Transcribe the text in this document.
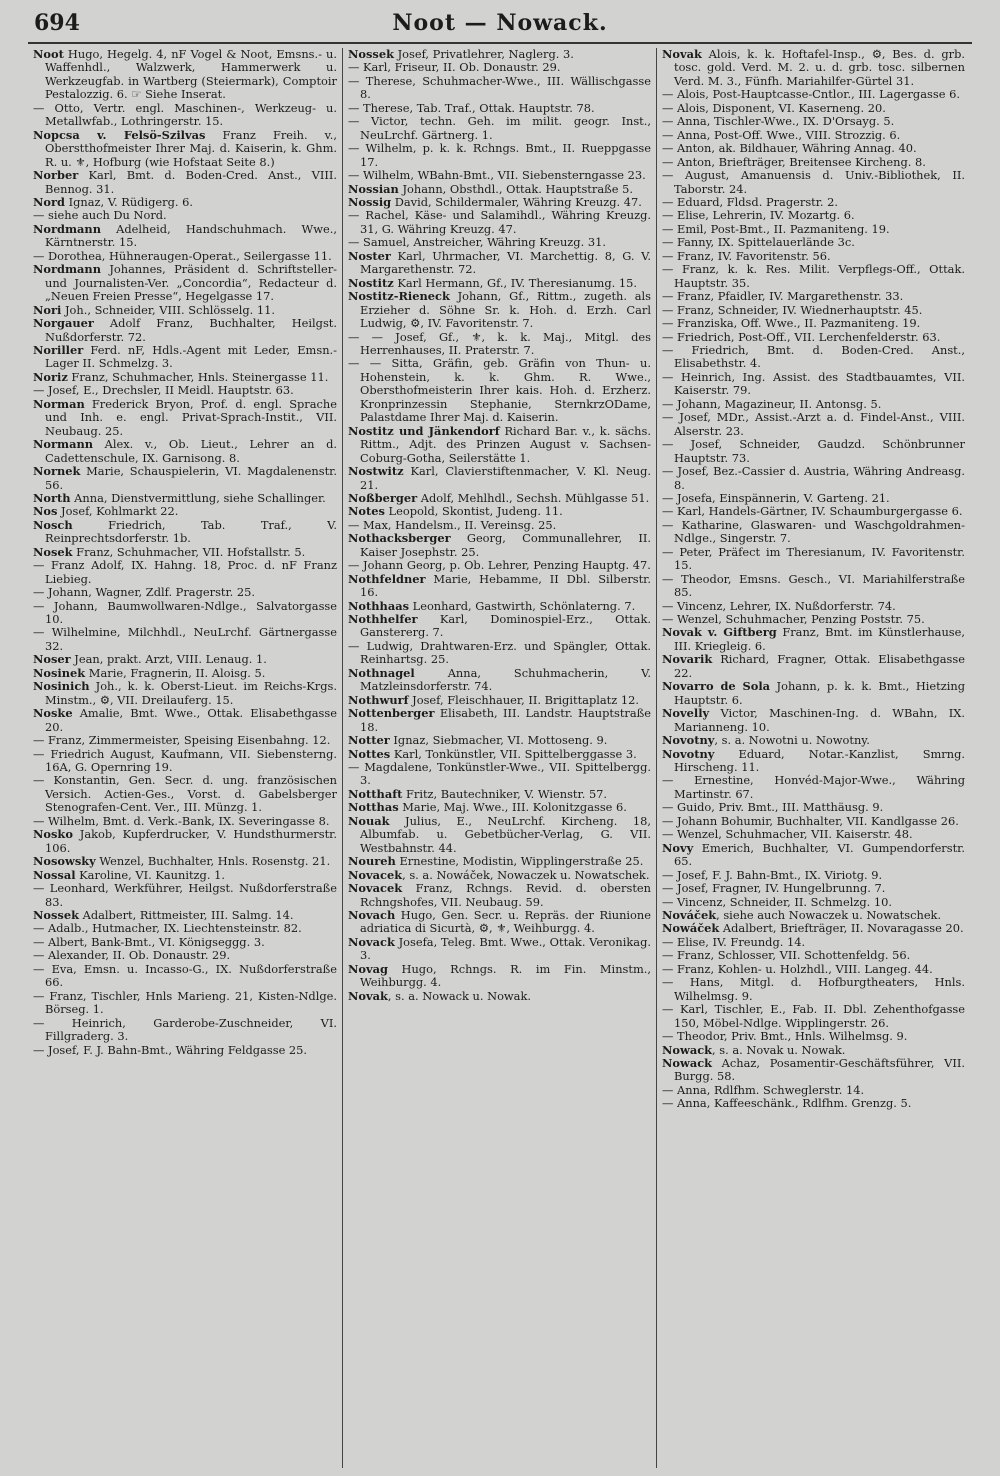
694	Noot — Nowack.

Noot Hugo, Hegelg. 4, nF Vogel & Noot, Emsns.- u. Waffenhdl., Walzwerk, Hammerwerk u. Werkzeugfab. in Wartberg (Steiermark), Comptoir Pestalozzig. 6. ☞ Siehe Inserat.

— Otto, Vertr. engl. Maschinen-, Werkzeug- u. Metallwfab., Lothringerstr. 15.

Nopcsa v. Felsö-Szilvas Franz Freih. v., Oberstthofmeister Ihrer Maj. d. Kaiserin, k. Ghm. R. u. ⚜, Hofburg (wie Hofstaat Seite 8.)

Norber Karl, Bmt. d. Boden-Cred. Anst., VIII. Bennog. 31.

Nord Ignaz, V. Rüdigerg. 6.

— siehe auch Du Nord.

Nordmann Adelheid, Handschuhmach. Wwe., Kärntnerstr. 15.

— Dorothea, Hühneraugen-Operat., Seilergasse 11.

Nordmann Johannes, Präsident d. Schriftsteller- und Journalisten-Ver. „Concordia“, Redacteur d. „Neuen Freien Presse“, Hegelgasse 17.

Nori Joh., Schneider, VIII. Schlösselg. 11.

Norgauer Adolf Franz, Buchhalter, Heilgst. Nußdorferstr. 72.

Noriller Ferd. nF, Hdls.-Agent mit Leder, Emsn.-Lager II. Schmelzg. 3.

Noriz Franz, Schuhmacher, Hnls. Steinergasse 11.

— Josef, E., Drechsler, II Meidl. Hauptstr. 63.

Norman Frederick Bryon, Prof. d. engl. Sprache und Inh. e. engl. Privat-Sprach-Instit., VII. Neubaug. 25.

Normann Alex. v., Ob. Lieut., Lehrer an d. Cadettenschule, IX. Garnisong. 8.

Nornek Marie, Schauspielerin, VI. Magdalenenstr. 56.

North Anna, Dienstvermittlung, siehe Schallinger.

Nos Josef, Kohlmarkt 22.

Nosch Friedrich, Tab. Traf., V. Reinprechtsdorferstr. 1b.

Nosek Franz, Schuhmacher, VII. Hofstallstr. 5.

— Franz Adolf, IX. Hahng. 18, Proc. d. nF Franz Liebieg.

— Johann, Wagner, Zdlf. Pragerstr. 25.

— Johann, Baumwollwaren-Ndlge., Salvatorgasse 10.

— Wilhelmine, Milchhdl., NeuLrchf. Gärtnergasse 32.

Noser Jean, prakt. Arzt, VIII. Lenaug. 1.

Nosinek Marie, Fragnerin, II. Aloisg. 5.

Nosinich Joh., k. k. Oberst-Lieut. im Reichs-Krgs. Minstm., ⚙, VII. Dreilauferg. 15.

Noske Amalie, Bmt. Wwe., Ottak. Elisabethgasse 20.

— Franz, Zimmermeister, Speising Eisenbahng. 12.

— Friedrich August, Kaufmann, VII. Siebensterng. 16A, G. Opernring 19.

— Konstantin, Gen. Secr. d. ung. französischen Versich. Actien-Ges., Vorst. d. Gabelsberger Stenografen-Cent. Ver., III. Münzg. 1.

— Wilhelm, Bmt. d. Verk.-Bank, IX. Severingasse 8.

Nosko Jakob, Kupferdrucker, V. Hundsthurmerstr. 106.

Nosowsky Wenzel, Buchhalter, Hnls. Rosenstg. 21.

Nossal Karoline, VI. Kaunitzg. 1.

— Leonhard, Werkführer, Heilgst. Nußdorferstraße 83.

Nossek Adalbert, Rittmeister, III. Salmg. 14.

— Adalb., Hutmacher, IX. Liechtensteinstr. 82.

— Albert, Bank-Bmt., VI. Königseggg. 3.

— Alexander, II. Ob. Donaustr. 29.

— Eva, Emsn. u. Incasso-G., IX. Nußdorferstraße 66.

— Franz, Tischler, Hnls Marieng. 21, Kisten-Ndlge. Börseg. 1.

— Heinrich, Garderobe-Zuschneider, VI. Fillgraderg. 3.

— Josef, F. J. Bahn-Bmt., Währing Feldgasse 25.

Nossek Josef, Privatlehrer, Naglerg. 3.

— Karl, Friseur, II. Ob. Donaustr. 29.

— Therese, Schuhmacher-Wwe., III. Wällischgasse 8.

— Therese, Tab. Traf., Ottak. Hauptstr. 78.

— Victor, techn. Geh. im milit. geogr. Inst., NeuLrchf. Gärtnerg. 1.

— Wilhelm, p. k. k. Rchngs. Bmt., II. Rueppgasse 17.

— Wilhelm, WBahn-Bmt., VII. Siebensterngasse 23.

Nossian Johann, Obsthdl., Ottak. Hauptstraße 5.

Nossig David, Schildermaler, Währing Kreuzg. 47.

— Rachel, Käse- und Salamihdl., Währing Kreuzg. 31, G. Währing Kreuzg. 47.

— Samuel, Anstreicher, Währing Kreuzg. 31.

Noster Karl, Uhrmacher, VI. Marchettig. 8, G. V. Margarethenstr. 72.

Nostitz Karl Hermann, Gf., IV. Theresianumg. 15.

Nostitz-Rieneck Johann, Gf., Rittm., zugeth. als Erzieher d. Söhne Sr. k. Hoh. d. Erzh. Carl Ludwig, ⚙, IV. Favoritenstr. 7.

— — Josef, Gf., ⚜, k. k. Maj., Mitgl. des Herrenhauses, II. Praterstr. 7.

— — Sitta, Gräfin, geb. Gräfin von Thun- u. Hohenstein, k. k. Ghm. R. Wwe., Obersthofmeisterin Ihrer kais. Hoh. d. Erzherz. Kronprinzessin Stephanie, SternkrzODame, Palastdame Ihrer Maj. d. Kaiserin.

Nostitz und Jänkendorf Richard Bar. v., k. sächs. Rittm., Adjt. des Prinzen August v. Sachsen-Coburg-Gotha, Seilerstätte 1.

Nostwitz Karl, Clavierstiftenmacher, V. Kl. Neug. 21.

Noßberger Adolf, Mehlhdl., Sechsh. Mühlgasse 51.

Notes Leopold, Skontist, Judeng. 11.

— Max, Handelsm., II. Vereinsg. 25.

Nothacksberger Georg, Communallehrer, II. Kaiser Josephstr. 25.

— Johann Georg, p. Ob. Lehrer, Penzing Hauptg. 47.

Nothfeldner Marie, Hebamme, II Dbl. Silberstr. 16.

Nothhaas Leonhard, Gastwirth, Schönlaterng. 7.

Nothhelfer Karl, Dominospiel-Erz., Ottak. Ganstererg. 7.

— Ludwig, Drahtwaren-Erz. und Spängler, Ottak. Reinhartsg. 25.

Nothnagel Anna, Schuhmacherin, V. Matzleinsdorferstr. 74.

Nothwurf Josef, Fleischhauer, II. Brigittaplatz 12.

Nottenberger Elisabeth, III. Landstr. Hauptstraße 18.

Notter Ignaz, Siebmacher, VI. Mottoseng. 9.

Nottes Karl, Tonkünstler, VII. Spittelberggasse 3.

— Magdalene, Tonkünstler-Wwe., VII. Spittelbergg. 3.

Notthaft Fritz, Bautechniker, V. Wienstr. 57.

Notthas Marie, Maj. Wwe., III. Kolonitzgasse 6.

Nouak Julius, E., NeuLrchf. Kircheng. 18, Albumfab. u. Gebetbücher-Verlag, G. VII. Westbahnstr. 44.

Noureh Ernestine, Modistin, Wipplingerstraße 25.

Novacek, s. a. Nowáček, Nowaczek u. Nowatschek.

Novacek Franz, Rchngs. Revid. d. obersten Rchngshofes, VII. Neubaug. 59.

Novach Hugo, Gen. Secr. u. Repräs. der Riunione adriatica di Sicurtà, ⚙, ⚜, Weihburgg. 4.

Novack Josefa, Teleg. Bmt. Wwe., Ottak. Veronikag. 3.

Novag Hugo, Rchngs. R. im Fin. Minstm., Weihburgg. 4.

Novak, s. a. Nowack u. Nowak.

Novak Alois, k. k. Hoftafel-Insp., ⚙, Bes. d. grb. tosc. gold. Verd. M. 2. u. d. grb. tosc. silbernen Verd. M. 3., Fünfh. Mariahilfer-Gürtel 31.

— Alois, Post-Hauptcasse-Cntlor., III. Lagergasse 6.

— Alois, Disponent, VI. Kaserneng. 20.

— Anna, Tischler-Wwe., IX. D'Orsayg. 5.

— Anna, Post-Off. Wwe., VIII. Strozzig. 6.

— Anton, ak. Bildhauer, Währing Annag. 40.

— Anton, Briefträger, Breitensee Kircheng. 8.

— August, Amanuensis d. Univ.-Bibliothek, II. Taborstr. 24.

— Eduard, Fldsd. Pragerstr. 2.

— Elise, Lehrerin, IV. Mozartg. 6.

— Emil, Post-Bmt., II. Pazmaniteng. 19.

— Fanny, IX. Spittelauerlände 3c.

— Franz, IV. Favoritenstr. 56.

— Franz, k. k. Res. Milit. Verpflegs-Off., Ottak. Hauptstr. 35.

— Franz, Pfaidler, IV. Margarethenstr. 33.

— Franz, Schneider, IV. Wiednerhauptstr. 45.

— Franziska, Off. Wwe., II. Pazmaniteng. 19.

— Friedrich, Post-Off., VII. Lerchenfelderstr. 63.

— Friedrich, Bmt. d. Boden-Cred. Anst., Elisabethstr. 4.

— Heinrich, Ing. Assist. des Stadtbauamtes, VII. Kaiserstr. 79.

— Johann, Magazineur, II. Antonsg. 5.

— Josef, MDr., Assist.-Arzt a. d. Findel-Anst., VIII. Alserstr. 23.

— Josef, Schneider, Gaudzd. Schönbrunner Hauptstr. 73.

— Josef, Bez.-Cassier d. Austria, Währing Andreasg. 8.

— Josefa, Einspännerin, V. Garteng. 21.

— Karl, Handels-Gärtner, IV. Schaumburgergasse 6.

— Katharine, Glaswaren- und Waschgoldrahmen-Ndlge., Singerstr. 7.

— Peter, Präfect im Theresianum, IV. Favoritenstr. 15.

— Theodor, Emsns. Gesch., VI. Mariahilferstraße 85.

— Vincenz, Lehrer, IX. Nußdorferstr. 74.

— Wenzel, Schuhmacher, Penzing Poststr. 75.

Novak v. Giftberg Franz, Bmt. im Künstlerhause, III. Kriegleig. 6.

Novarik Richard, Fragner, Ottak. Elisabethgasse 22.

Novarro de Sola Johann, p. k. k. Bmt., Hietzing Hauptstr. 6.

Novelly Victor, Maschinen-Ing. d. WBahn, IX. Marianneng. 10.

Novotny, s. a. Nowotni u. Nowotny.

Novotny Eduard, Notar.-Kanzlist, Smrng. Hirscheng. 11.

— Ernestine, Honvéd-Major-Wwe., Währing Martinstr. 67.

— Guido, Priv. Bmt., III. Matthäusg. 9.

— Johann Bohumir, Buchhalter, VII. Kandlgasse 26.

— Wenzel, Schuhmacher, VII. Kaiserstr. 48.

Novy Emerich, Buchhalter, VI. Gumpendorferstr. 65.

— Josef, F. J. Bahn-Bmt., IX. Viriotg. 9.

— Josef, Fragner, IV. Hungelbrunng. 7.

— Vincenz, Schneider, II. Schmelzg. 10.

Nováček, siehe auch Nowaczek u. Nowatschek.

Nowáček Adalbert, Briefträger, II. Novaragasse 20.

— Elise, IV. Freundg. 14.

— Franz, Schlosser, VII. Schottenfeldg. 56.

— Franz, Kohlen- u. Holzhdl., VIII. Langeg. 44.

— Hans, Mitgl. d. Hofburgtheaters, Hnls. Wilhelmsg. 9.

— Karl, Tischler, E., Fab. II. Dbl. Zehenthofgasse 150, Möbel-Ndlge. Wipplingerstr. 26.

— Theodor, Priv. Bmt., Hnls. Wilhelmsg. 9.

Nowack, s. a. Novak u. Nowak.

Nowack Achaz, Posamentir-Geschäftsführer, VII. Burgg. 58.

— Anna, Rdlfhm. Schweglerstr. 14.

— Anna, Kaffeeschänk., Rdlfhm. Grenzg. 5.
